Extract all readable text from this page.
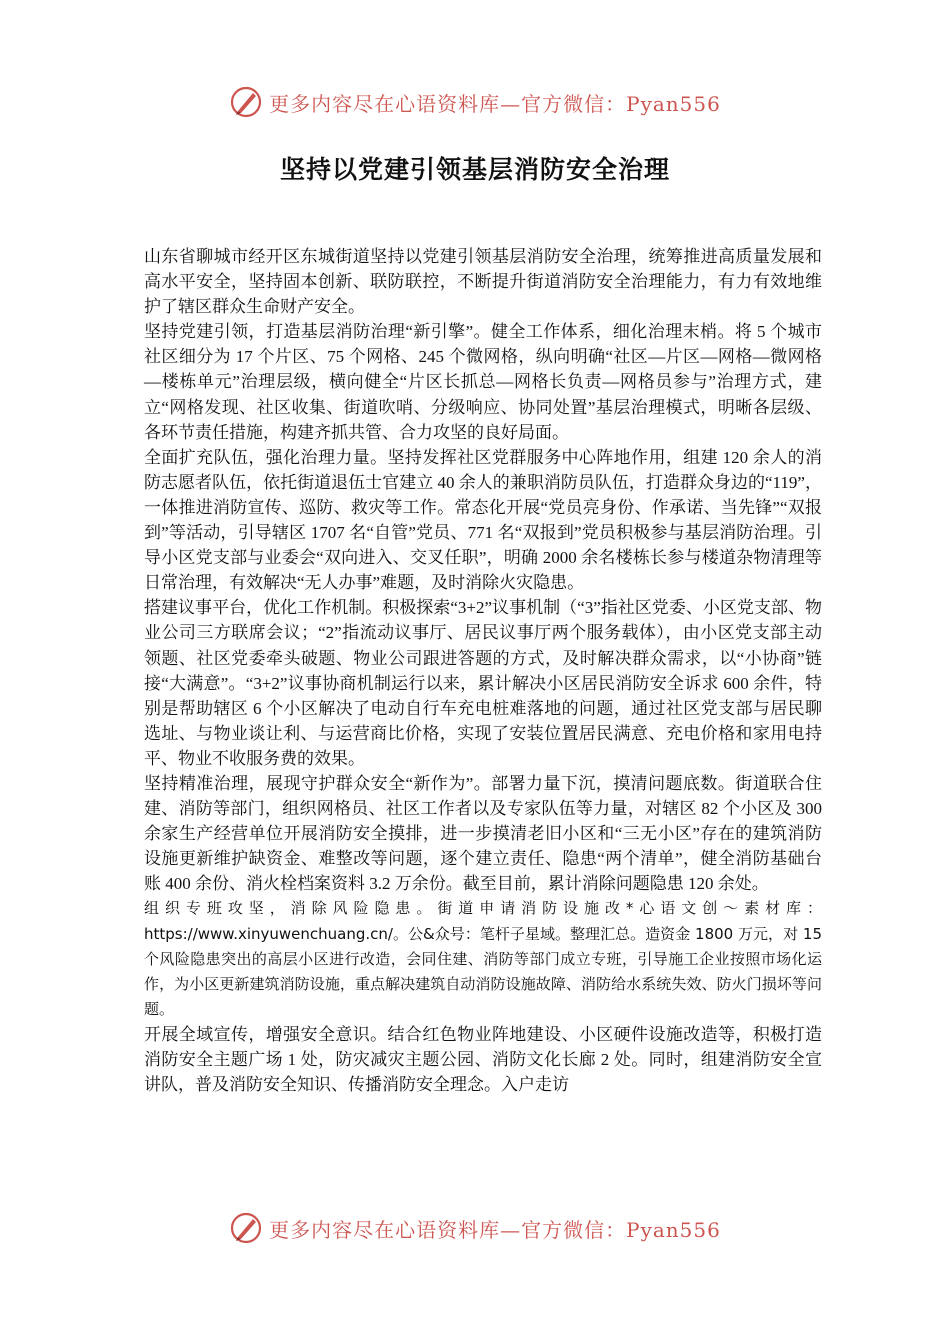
更多内容尽在心语资料库—官方微信：Pyan556
坚持以党建引领基层消防安全治理

山东省聊城市经开区东城街道坚持以党建引领基层消防安全治理，统筹推进高质量发展和高水平安全，坚持固本创新、联防联控，不断提升街道消防安全治理能力，有力有效地维护了辖区群众生命财产安全。

坚持党建引领，打造基层消防治理“新引擎”。健全工作体系，细化治理末梢。将 5 个城市社区细分为 17 个片区、75 个网格、245 个微网格，纵向明确“社区—片区—网格—微网格—楼栋单元”治理层级，横向健全“片区长抓总—网格长负责—网格员参与”治理方式，建立“网格发现、社区收集、街道吹哨、分级响应、协同处置”基层治理模式，明晰各层级、各环节责任措施，构建齐抓共管、合力攻坚的良好局面。

全面扩充队伍，强化治理力量。坚持发挥社区党群服务中心阵地作用，组建 120 余人的消防志愿者队伍，依托街道退伍士官建立 40 余人的兼职消防员队伍，打造群众身边的“119”，一体推进消防宣传、巡防、救灾等工作。常态化开展“党员亮身份、作承诺、当先锋”“双报到”等活动，引导辖区 1707 名“自管”党员、771 名“双报到”党员积极参与基层消防治理。引导小区党支部与业委会“双向进入、交叉任职”，明确 2000 余名楼栋长参与楼道杂物清理等日常治理，有效解决“无人办事”难题，及时消除火灾隐患。

搭建议事平台，优化工作机制。积极探索“3+2”议事机制（“3”指社区党委、小区党支部、物业公司三方联席会议；“2”指流动议事厅、居民议事厅两个服务载体），由小区党支部主动领题、社区党委牵头破题、物业公司跟进答题的方式，及时解决群众需求，以“小协商”链接“大满意”。“3+2”议事协商机制运行以来，累计解决小区居民消防安全诉求 600 余件，特别是帮助辖区 6 个小区解决了电动自行车充电桩难落地的问题，通过社区党支部与居民聊选址、与物业谈让利、与运营商比价格，实现了安装位置居民满意、充电价格和家用电持平、物业不收服务费的效果。

坚持精准治理，展现守护群众安全“新作为”。部署力量下沉，摸清问题底数。街道联合住建、消防等部门，组织网格员、社区工作者以及专家队伍等力量，对辖区 82 个小区及 300 余家生产经营单位开展消防安全摸排，进一步摸清老旧小区和“三无小区”存在的建筑消防设施更新维护缺资金、难整改等问题，逐个建立责任、隐患“两个清单”，健全消防基础台账 400 余份、消火栓档案资料 3.2 万余份。截至目前，累计消除问题隐患 120 余处。

组织专班攻坚，消除风险隐患。街道申请消防设施改*心语文创～素材库：https://www.xinyuwenchuang.cn/。公&众号：笔杆子星域。整理汇总。造资金 1800 万元，对 15 个风险隐患突出的高层小区进行改造，会同住建、消防等部门成立专班，引导施工企业按照市场化运作，为小区更新建筑消防设施，重点解决建筑自动消防设施故障、消防给水系统失效、防火门损坏等问题。

开展全域宣传，增强安全意识。结合红色物业阵地建设、小区硬件设施改造等，积极打造消防安全主题广场 1 处，防灾减灾主题公园、消防文化长廊 2 处。同时，组建消防安全宣讲队，普及消防安全知识、传播消防安全理念。入户走访

更多内容尽在心语资料库—官方微信：Pyan556
